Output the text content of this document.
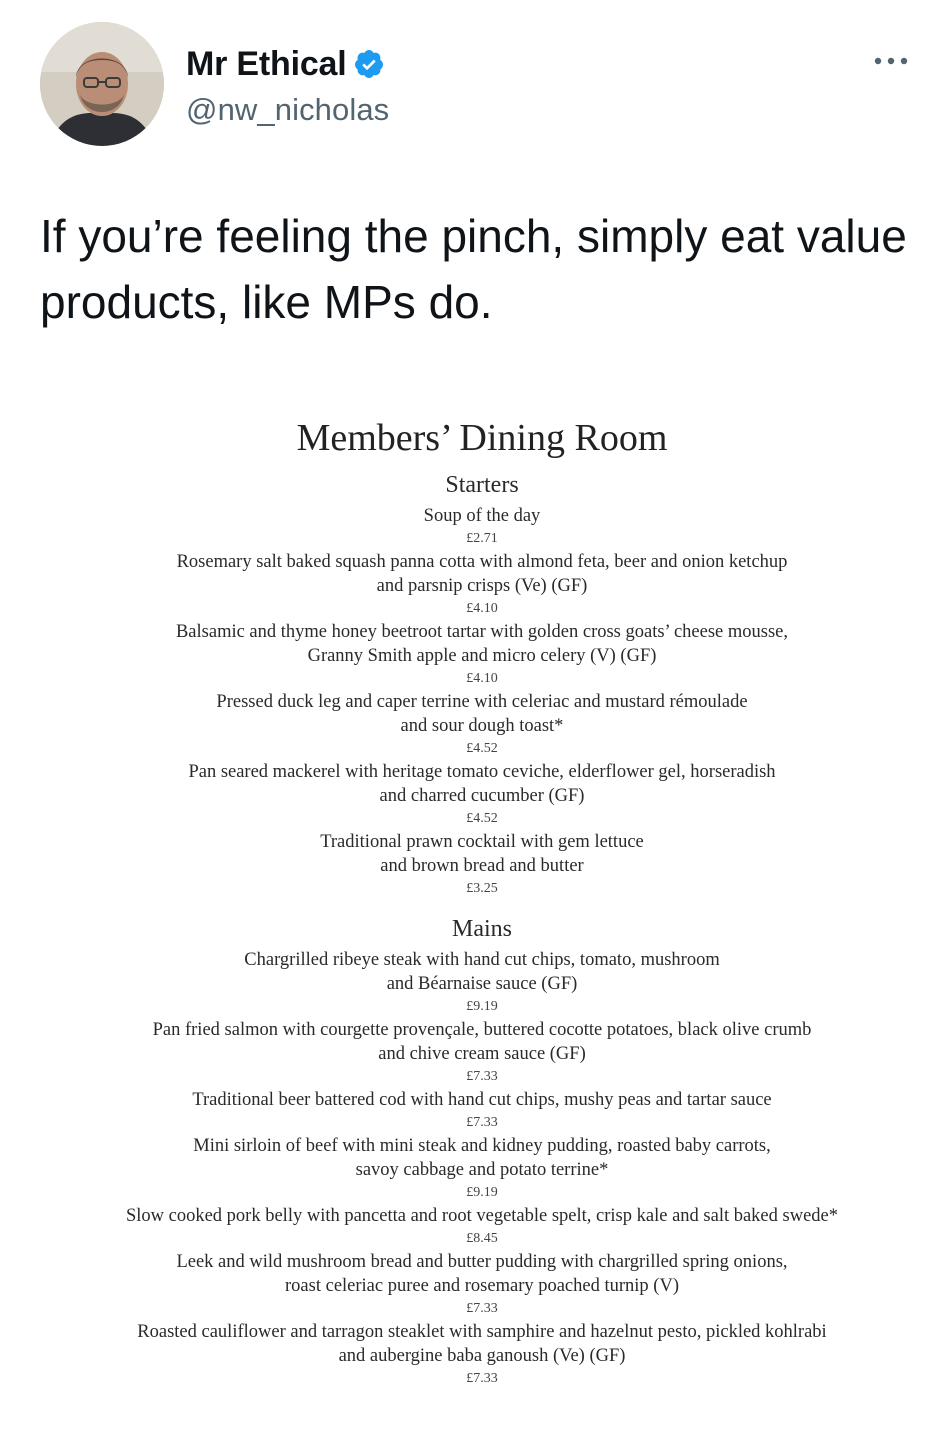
Mr Ethical
@nw_nicholas
If you’re feeling the pinch, simply eat value products, like MPs do.
Members’ Dining Room
Starters
Soup of the day
£2.71
Rosemary salt baked squash panna cotta with almond feta, beer and onion ketchup
and parsnip crisps (Ve) (GF)
£4.10
Balsamic and thyme honey beetroot tartar with golden cross goats’ cheese mousse,
Granny Smith apple and micro celery (V) (GF)
£4.10
Pressed duck leg and caper terrine with celeriac and mustard rémoulade
and sour dough toast*
£4.52
Pan seared mackerel with heritage tomato ceviche, elderflower gel, horseradish
and charred cucumber (GF)
£4.52
Traditional prawn cocktail with gem lettuce
and brown bread and butter
£3.25
Mains
Chargrilled ribeye steak with hand cut chips, tomato, mushroom
and Béarnaise sauce (GF)
£9.19
Pan fried salmon with courgette provençale, buttered cocotte potatoes, black olive crumb
and chive cream sauce (GF)
£7.33
Traditional beer battered cod with hand cut chips, mushy peas and tartar sauce
£7.33
Mini sirloin of beef with mini steak and kidney pudding, roasted baby carrots,
savoy cabbage and potato terrine*
£9.19
Slow cooked pork belly with pancetta and root vegetable spelt, crisp kale and salt baked swede*
£8.45
Leek and wild mushroom bread and butter pudding with chargrilled spring onions,
roast celeriac puree and rosemary poached turnip (V)
£7.33
Roasted cauliflower and tarragon steaklet with samphire and hazelnut pesto, pickled kohlrabi
and aubergine baba ganoush (Ve) (GF)
£7.33
